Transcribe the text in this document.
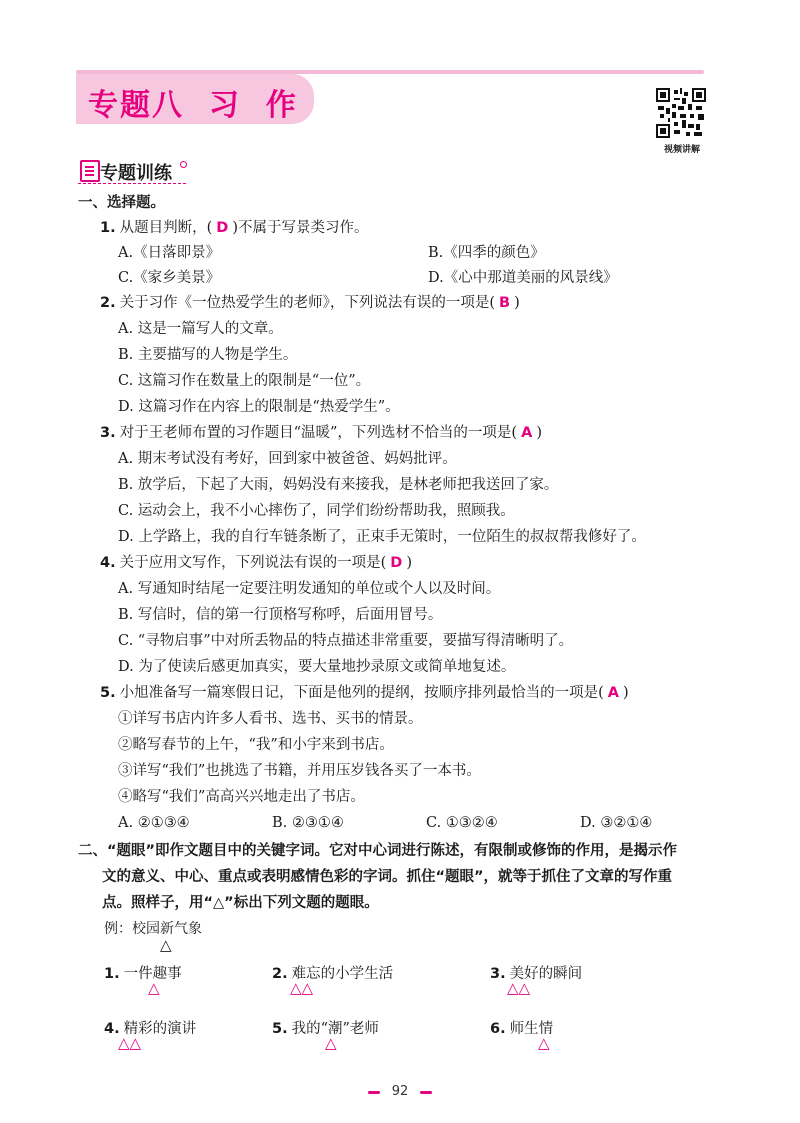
专题八  习  作
视频讲解
专题训练
一、选择题。
1. 从题目判断，( D )不属于写景类习作。
A.《日落即景》	B.《四季的颜色》
C.《家乡美景》	D.《心中那道美丽的风景线》
2. 关于习作《一位热爱学生的老师》，下列说法有误的一项是( B )
A. 这是一篇写人的文章。
B. 主要描写的人物是学生。
C. 这篇习作在数量上的限制是“一位”。
D. 这篇习作在内容上的限制是“热爱学生”。
3. 对于王老师布置的习作题目“温暖”，下列选材不恰当的一项是( A )
A. 期末考试没有考好，回到家中被爸爸、妈妈批评。
B. 放学后，下起了大雨，妈妈没有来接我，是林老师把我送回了家。
C. 运动会上，我不小心摔伤了，同学们纷纷帮助我，照顾我。
D. 上学路上，我的自行车链条断了，正束手无策时，一位陌生的叔叔帮我修好了。
4. 关于应用文写作，下列说法有误的一项是( D )
A. 写通知时结尾一定要注明发通知的单位或个人以及时间。
B. 写信时，信的第一行顶格写称呼，后面用冒号。
C. “寻物启事”中对所丢物品的特点描述非常重要，要描写得清晰明了。
D. 为了使读后感更加真实，要大量地抄录原文或简单地复述。
5. 小旭准备写一篇寒假日记，下面是他列的提纲，按顺序排列最恰当的一项是( A )
①详写书店内许多人看书、选书、买书的情景。
②略写春节的上午，“我”和小宇来到书店。
③详写“我们”也挑选了书籍，并用压岁钱各买了一本书。
④略写“我们”高高兴兴地走出了书店。
A. ②①③④	B. ②③①④	C. ①③②④	D. ③②①④
二、“题眼”即作文题目中的关键字词。它对中心词进行陈述，有限制或修饰的作用，是揭示作
文的意义、中心、重点或表明感情色彩的字词。抓住“题眼”，就等于抓住了文章的写作重
点。照样子，用“△”标出下列文题的题眼。
例：校园新气象
△
1. 一件趣事
△
2. 难忘的小学生活
△△
3. 美好的瞬间
△△
4. 精彩的演讲
△△
5. 我的“潮”老师
△
6. 师生情
△
92
